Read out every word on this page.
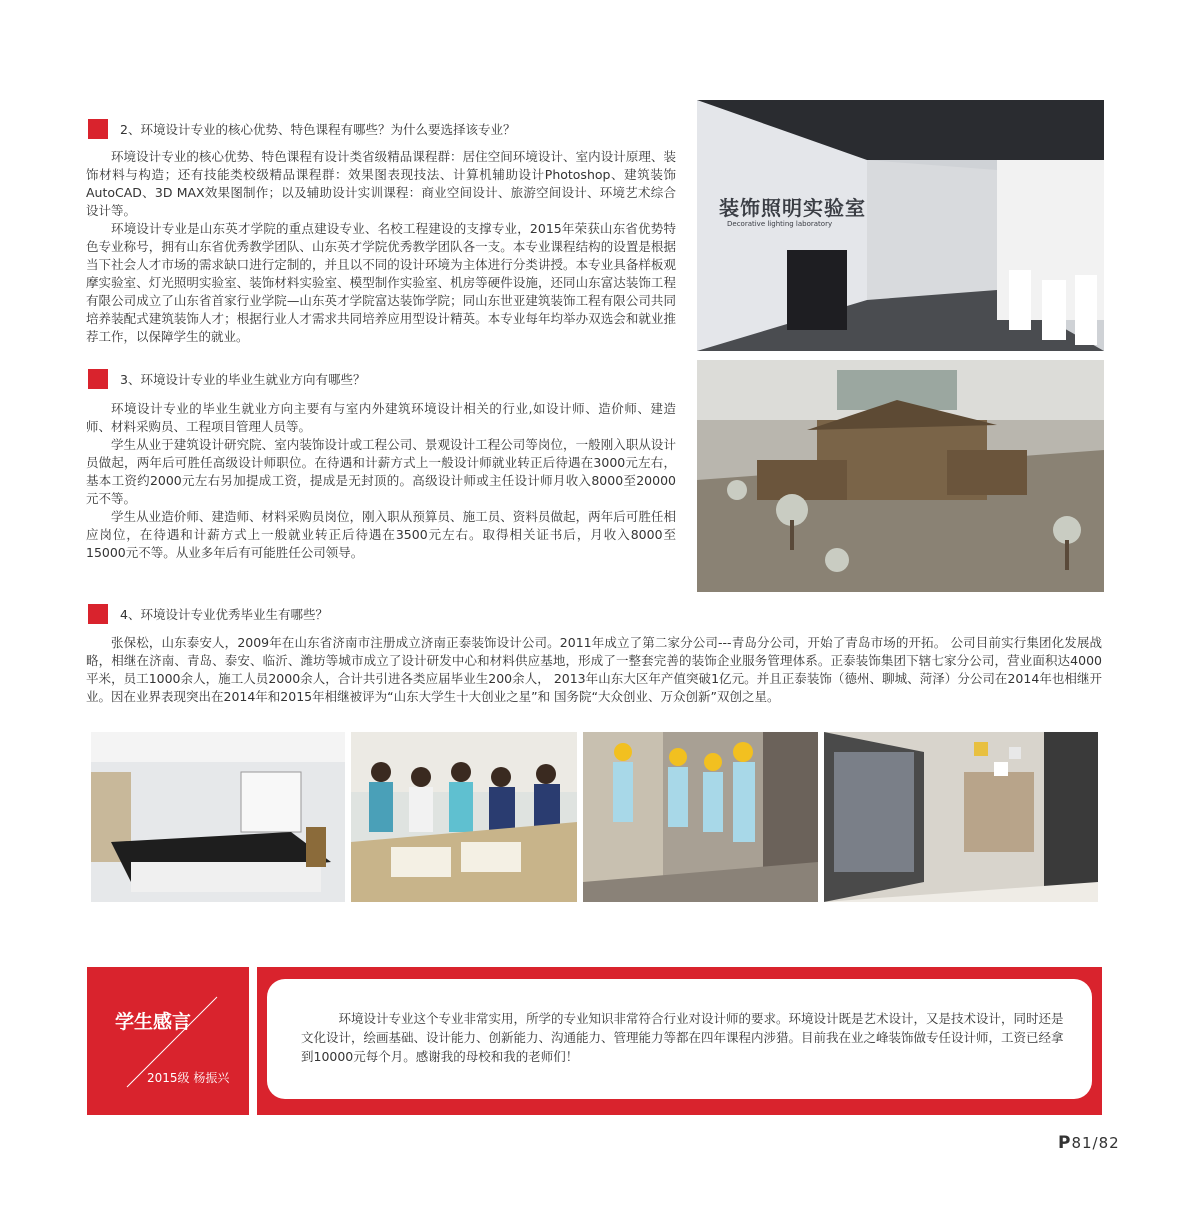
2、环境设计专业的核心优势、特色课程有哪些？为什么要选择该专业？

环境设计专业的核心优势、特色课程有设计类省级精品课程群：居住空间环境设计、室内设计原理、装饰材料与构造；还有技能类校级精品课程群：效果图表现技法、计算机辅助设计Photoshop、建筑装饰AutoCAD、3D MAX效果图制作；以及辅助设计实训课程：商业空间设计、旅游空间设计、环境艺术综合设计等。

环境设计专业是山东英才学院的重点建设专业、名校工程建设的支撑专业，2015年荣获山东省优势特色专业称号，拥有山东省优秀教学团队、山东英才学院优秀教学团队各一支。本专业课程结构的设置是根据当下社会人才市场的需求缺口进行定制的，并且以不同的设计环境为主体进行分类讲授。本专业具备样板观摩实验室、灯光照明实验室、装饰材料实验室、模型制作实验室、机房等硬件设施，还同山东富达装饰工程有限公司成立了山东省首家行业学院—山东英才学院富达装饰学院；同山东世亚建筑装饰工程有限公司共同培养装配式建筑装饰人才；根据行业人才需求共同培养应用型设计精英。本专业每年均举办双选会和就业推荐工作，以保障学生的就业。

3、环境设计专业的毕业生就业方向有哪些？

环境设计专业的毕业生就业方向主要有与室内外建筑环境设计相关的行业,如设计师、造价师、建造师、材料采购员、工程项目管理人员等。

学生从业于建筑设计研究院、室内装饰设计或工程公司、景观设计工程公司等岗位，一般刚入职从设计员做起，两年后可胜任高级设计师职位。在待遇和计薪方式上一般设计师就业转正后待遇在3000元左右，基本工资约2000元左右另加提成工资，提成是无封顶的。高级设计师或主任设计师月收入8000至20000元不等。

学生从业造价师、建造师、材料采购员岗位，刚入职从预算员、施工员、资料员做起，两年后可胜任相应岗位，在待遇和计薪方式上一般就业转正后待遇在3500元左右。取得相关证书后，月收入8000至15000元不等。从业多年后有可能胜任公司领导。

装饰照明实验室
Decorative lighting laboratory
4、环境设计专业优秀毕业生有哪些？

张保松，山东泰安人，2009年在山东省济南市注册成立济南正泰装饰设计公司。2011年成立了第二家分公司---青岛分公司，开始了青岛市场的开拓。 公司目前实行集团化发展战略，相继在济南、青岛、泰安、临沂、潍坊等城市成立了设计研发中心和材料供应基地，形成了一整套完善的装饰企业服务管理体系。正泰装饰集团下辖七家分公司，营业面积达4000平米，员工1000余人，施工人员2000余人，合计共引进各类应届毕业生200余人， 2013年山东大区年产值突破1亿元。并且正泰装饰（德州、聊城、菏泽）分公司在2014年也相继开业。因在业界表现突出在2014年和2015年相继被评为“山东大学生十大创业之星”和 国务院“大众创业、万众创新”双创之星。

学生感言
2015级 杨振兴

环境设计专业这个专业非常实用，所学的专业知识非常符合行业对设计师的要求。环境设计既是艺术设计，又是技术设计，同时还是文化设计，绘画基础、设计能力、创新能力、沟通能力、管理能力等都在四年课程内涉猎。目前我在业之峰装饰做专任设计师，工资已经拿到10000元每个月。感谢我的母校和我的老师们！

P81/82
